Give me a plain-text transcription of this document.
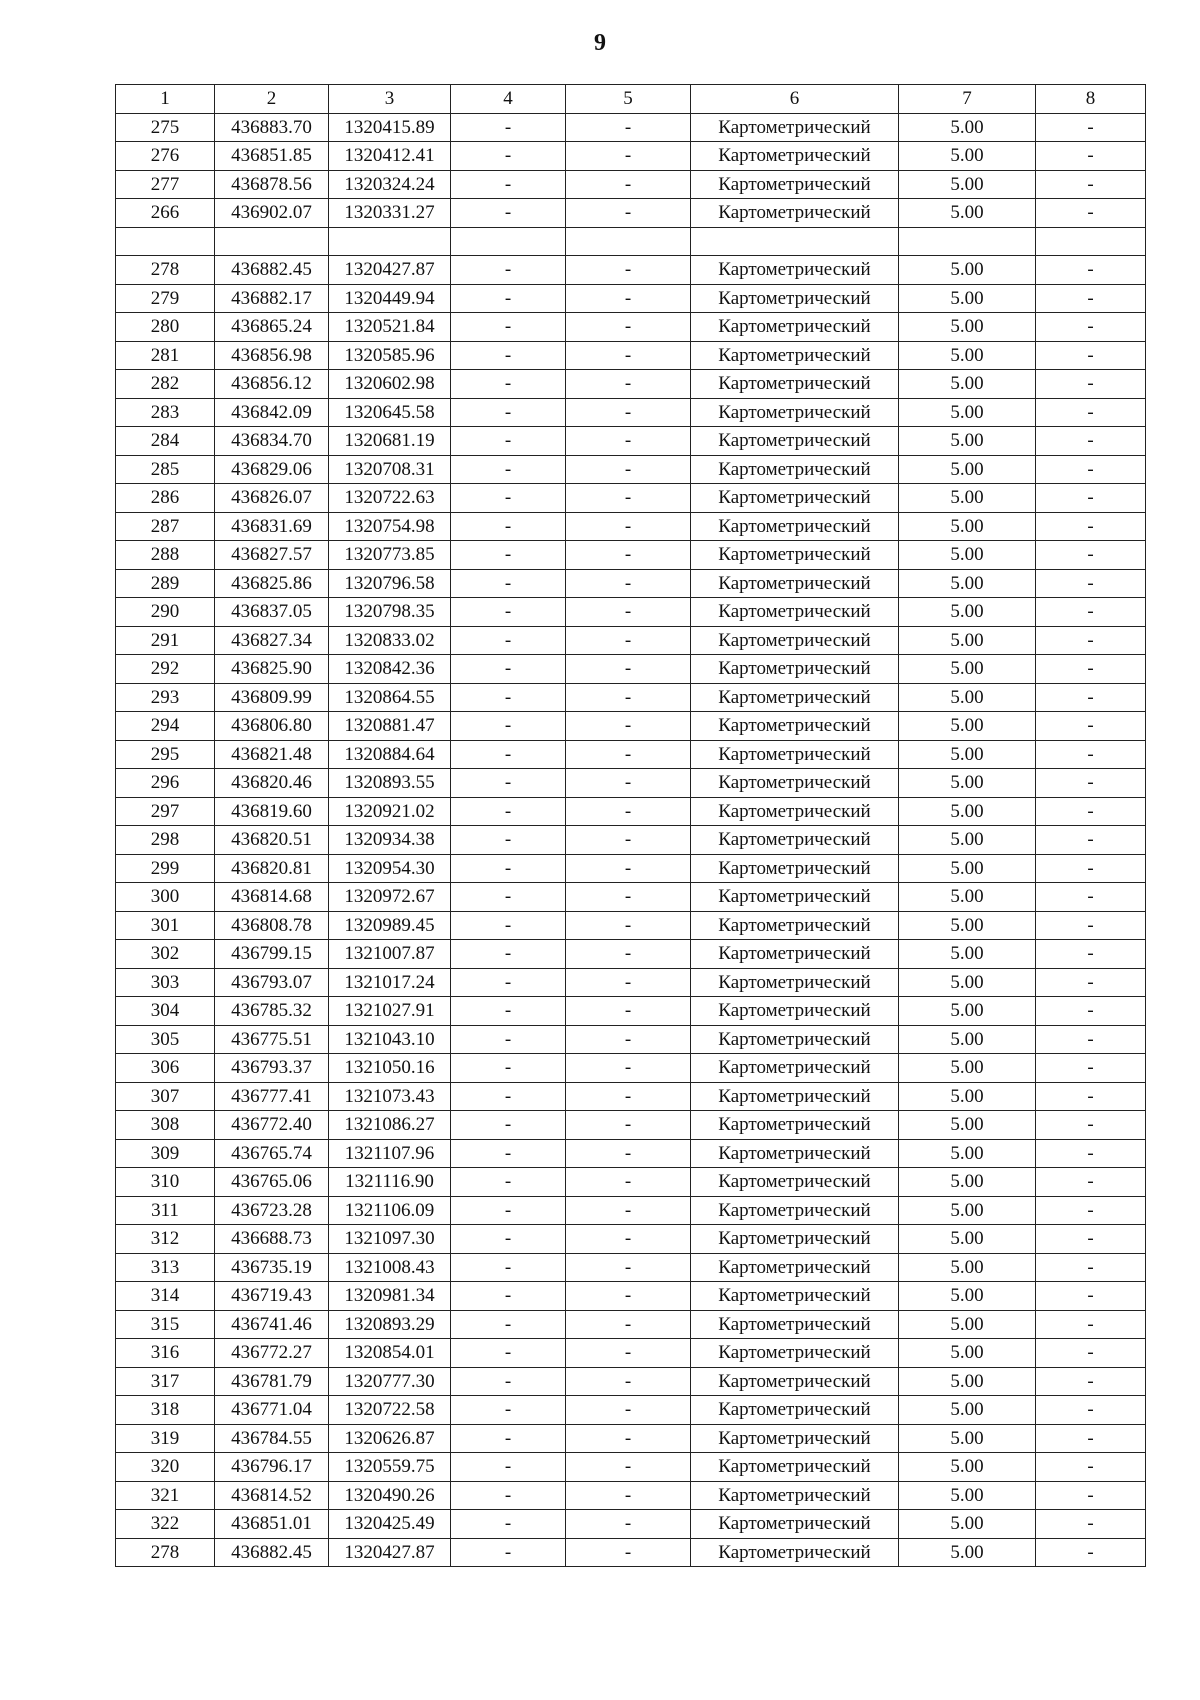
9
1	2	3	4	5	6	7	8
275	436883.70	1320415.89	-	-	Картометрический	5.00	-
276	436851.85	1320412.41	-	-	Картометрический	5.00	-
277	436878.56	1320324.24	-	-	Картометрический	5.00	-
266	436902.07	1320331.27	-	-	Картометрический	5.00	-

278	436882.45	1320427.87	-	-	Картометрический	5.00	-
279	436882.17	1320449.94	-	-	Картометрический	5.00	-
280	436865.24	1320521.84	-	-	Картометрический	5.00	-
281	436856.98	1320585.96	-	-	Картометрический	5.00	-
282	436856.12	1320602.98	-	-	Картометрический	5.00	-
283	436842.09	1320645.58	-	-	Картометрический	5.00	-
284	436834.70	1320681.19	-	-	Картометрический	5.00	-
285	436829.06	1320708.31	-	-	Картометрический	5.00	-
286	436826.07	1320722.63	-	-	Картометрический	5.00	-
287	436831.69	1320754.98	-	-	Картометрический	5.00	-
288	436827.57	1320773.85	-	-	Картометрический	5.00	-
289	436825.86	1320796.58	-	-	Картометрический	5.00	-
290	436837.05	1320798.35	-	-	Картометрический	5.00	-
291	436827.34	1320833.02	-	-	Картометрический	5.00	-
292	436825.90	1320842.36	-	-	Картометрический	5.00	-
293	436809.99	1320864.55	-	-	Картометрический	5.00	-
294	436806.80	1320881.47	-	-	Картометрический	5.00	-
295	436821.48	1320884.64	-	-	Картометрический	5.00	-
296	436820.46	1320893.55	-	-	Картометрический	5.00	-
297	436819.60	1320921.02	-	-	Картометрический	5.00	-
298	436820.51	1320934.38	-	-	Картометрический	5.00	-
299	436820.81	1320954.30	-	-	Картометрический	5.00	-
300	436814.68	1320972.67	-	-	Картометрический	5.00	-
301	436808.78	1320989.45	-	-	Картометрический	5.00	-
302	436799.15	1321007.87	-	-	Картометрический	5.00	-
303	436793.07	1321017.24	-	-	Картометрический	5.00	-
304	436785.32	1321027.91	-	-	Картометрический	5.00	-
305	436775.51	1321043.10	-	-	Картометрический	5.00	-
306	436793.37	1321050.16	-	-	Картометрический	5.00	-
307	436777.41	1321073.43	-	-	Картометрический	5.00	-
308	436772.40	1321086.27	-	-	Картометрический	5.00	-
309	436765.74	1321107.96	-	-	Картометрический	5.00	-
310	436765.06	1321116.90	-	-	Картометрический	5.00	-
311	436723.28	1321106.09	-	-	Картометрический	5.00	-
312	436688.73	1321097.30	-	-	Картометрический	5.00	-
313	436735.19	1321008.43	-	-	Картометрический	5.00	-
314	436719.43	1320981.34	-	-	Картометрический	5.00	-
315	436741.46	1320893.29	-	-	Картометрический	5.00	-
316	436772.27	1320854.01	-	-	Картометрический	5.00	-
317	436781.79	1320777.30	-	-	Картометрический	5.00	-
318	436771.04	1320722.58	-	-	Картометрический	5.00	-
319	436784.55	1320626.87	-	-	Картометрический	5.00	-
320	436796.17	1320559.75	-	-	Картометрический	5.00	-
321	436814.52	1320490.26	-	-	Картометрический	5.00	-
322	436851.01	1320425.49	-	-	Картометрический	5.00	-
278	436882.45	1320427.87	-	-	Картометрический	5.00	-
